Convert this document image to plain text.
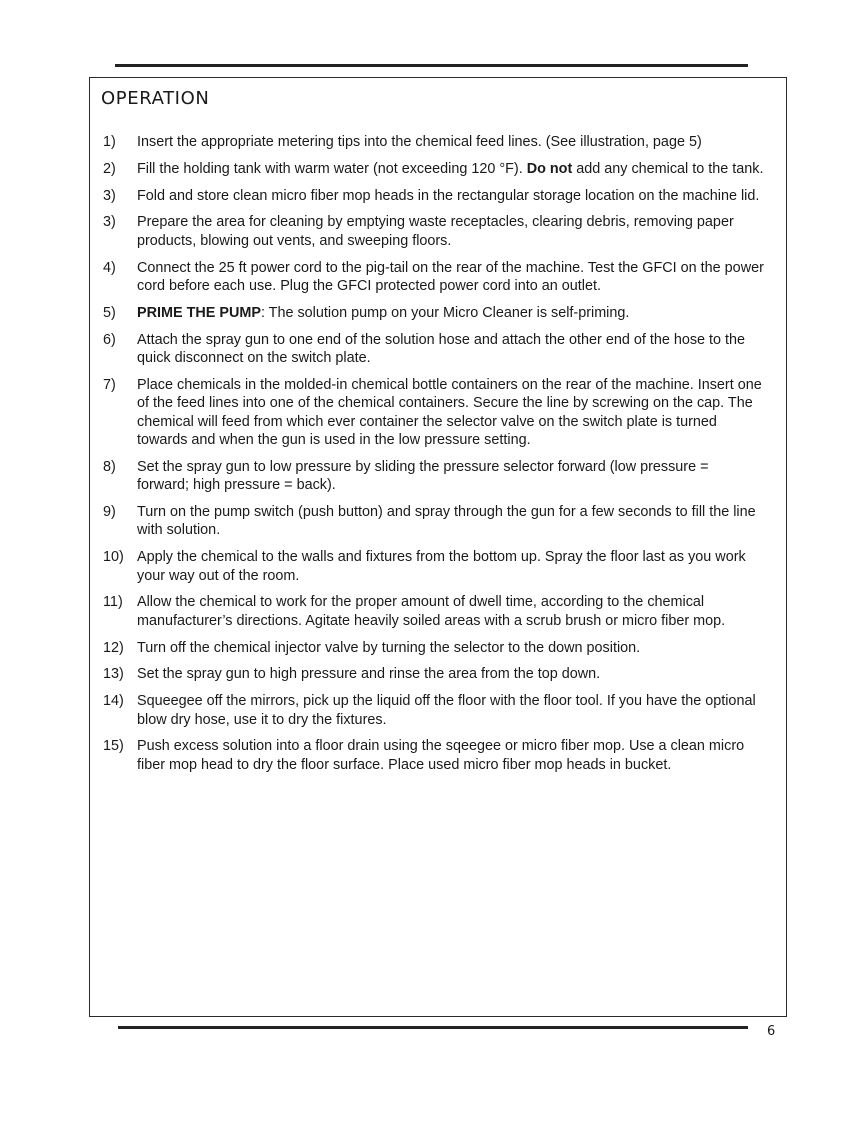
OPERATION
1)	Insert the appropriate metering tips into the chemical feed lines. (See illustration, page 5)
2)	Fill the holding tank with warm water (not exceeding 120 °F). Do not add any chemical to the tank.
3)	Fold and store clean micro fiber mop heads in the rectangular storage location on the machine lid.
3)	Prepare the area for cleaning by emptying waste receptacles, clearing debris, removing paper products, blowing out vents, and sweeping floors.
4)	Connect the 25 ft power cord to the pig-tail on the rear of the machine. Test the GFCI on the power cord before each use. Plug the GFCI protected power cord into an outlet.
5)	PRIME THE PUMP: The solution pump on your Micro Cleaner is self-priming.
6)	Attach the spray gun to one end of the solution hose and attach the other end of the hose to the quick disconnect on the switch plate.
7)	Place chemicals in the molded-in chemical bottle containers on the rear of the machine. Insert one of the feed lines into one of the chemical containers. Secure the line by screwing on the cap. The chemical will feed from which ever container the selector valve on the switch plate is turned towards and when the gun is used in the low pressure setting.
8)	Set the spray gun to low pressure by sliding the pressure selector forward (low pressure = forward; high pressure = back).
9)	Turn on the pump switch (push button) and spray through the gun for a few seconds to fill the line with solution.
10) Apply the chemical to the walls and fixtures from the bottom up. Spray the floor last as you work your way out of the room.
11) Allow the chemical to work for the proper amount of dwell time, according to the chemical manufacturer’s directions. Agitate heavily soiled areas with a scrub brush or micro fiber mop.
12) Turn off the chemical injector valve by turning the selector to the down position.
13) Set the spray gun to high pressure and rinse the area from the top down.
14) Squeegee off the mirrors, pick up the liquid off the floor with the floor tool. If you have the optional blow dry hose, use it to dry the fixtures.
15) Push excess solution into a floor drain using the sqeegee or micro fiber mop. Use a clean micro fiber mop head to dry the floor surface. Place used micro fiber mop heads in bucket.
6
